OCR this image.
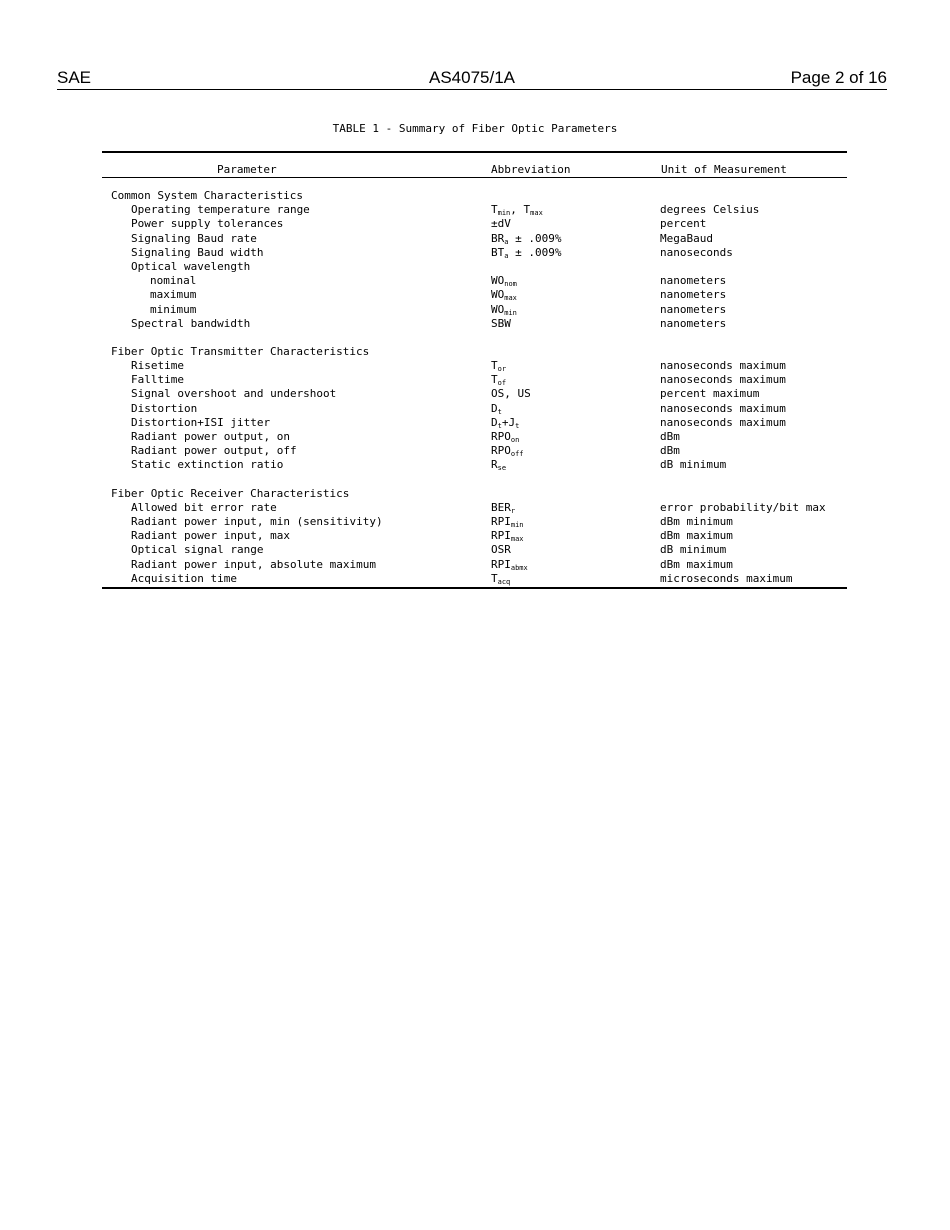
SAE	AS4075/1A	Page 2 of 16
TABLE 1 - Summary of Fiber Optic Parameters
Parameter	Abbreviation	Unit of Measurement
Common System Characteristics
Operating temperature range	$T_{min}$, $T_{max}$	degrees Celsius
Power supply tolerances	±dV	percent
Signaling Baud rate	$BR_a \pm .009\%$	MegaBaud
Signaling Baud width	$BT_a \pm .009\%$	nanoseconds
Optical wavelength
nominal	$WO_{nom}$	nanometers
maximum	$WO_{max}$	nanometers
minimum	$WO_{min}$	nanometers
Spectral bandwidth	SBW	nanometers
Fiber Optic Transmitter Characteristics
Risetime	$T_{or}$	nanoseconds maximum
Falltime	$T_{of}$	nanoseconds maximum
Signal overshoot and undershoot	OS, US	percent maximum
Distortion	$D_t$	nanoseconds maximum
Distortion+ISI jitter	$D_t+J_t$	nanoseconds maximum
Radiant power output, on	$RPO_{on}$	dBm
Radiant power output, off	$RPO_{off}$	dBm
Static extinction ratio	$R_{se}$	dB minimum
Fiber Optic Receiver Characteristics
Allowed bit error rate	$BER_r$	error probability/bit max
Radiant power input, min (sensitivity)	$RPI_{min}$	dBm minimum
Radiant power input, max	$RPI_{max}$	dBm maximum
Optical signal range	OSR	dB minimum
Radiant power input, absolute maximum	$RPI_{abmx}$	dBm maximum
Acquisition time	$T_{acq}$	microseconds maximum
